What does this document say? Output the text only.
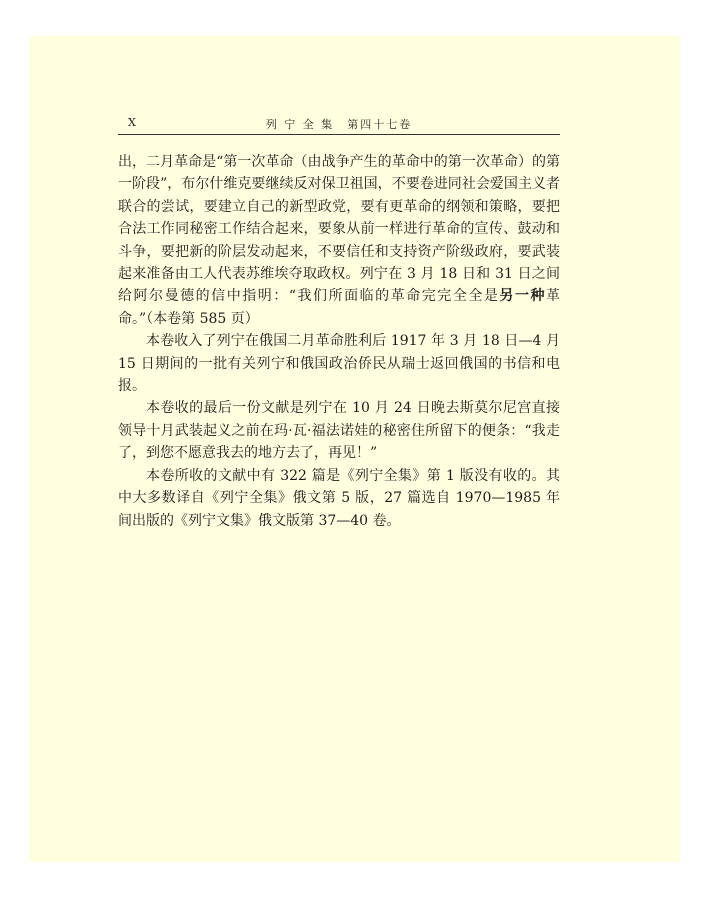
X	列 宁 全 集　第四十七卷

出，二月革命是“第一次革命（由战争产生的革命中的第一次革命）的第一阶段”，布尔什维克要继续反对保卫祖国，不要卷进同社会爱国主义者联合的尝试，要建立自己的新型政党，要有更革命的纲领和策略，要把合法工作同秘密工作结合起来，要象从前一样进行革命的宣传、鼓动和斗争，要把新的阶层发动起来，不要信任和支持资产阶级政府，要武装起来准备由工人代表苏维埃夺取政权。列宁在 3 月 18 日和 31 日之间给阿尔曼德的信中指明：“我们所面临的革命完完全全是另一种革命。”（本卷第 585 页）

本卷收入了列宁在俄国二月革命胜利后 1917 年 3 月 18 日—4 月 15 日期间的一批有关列宁和俄国政治侨民从瑞士返回俄国的书信和电报。

本卷收的最后一份文献是列宁在 10 月 24 日晚去斯莫尔尼宫直接领导十月武装起义之前在玛·瓦·福法诺娃的秘密住所留下的便条：“我走了，到您不愿意我去的地方去了，再见！”

本卷所收的文献中有 322 篇是《列宁全集》第 1 版没有收的。其中大多数译自《列宁全集》俄文第 5 版，27 篇选自 1970—1985 年间出版的《列宁文集》俄文版第 37—40 卷。
